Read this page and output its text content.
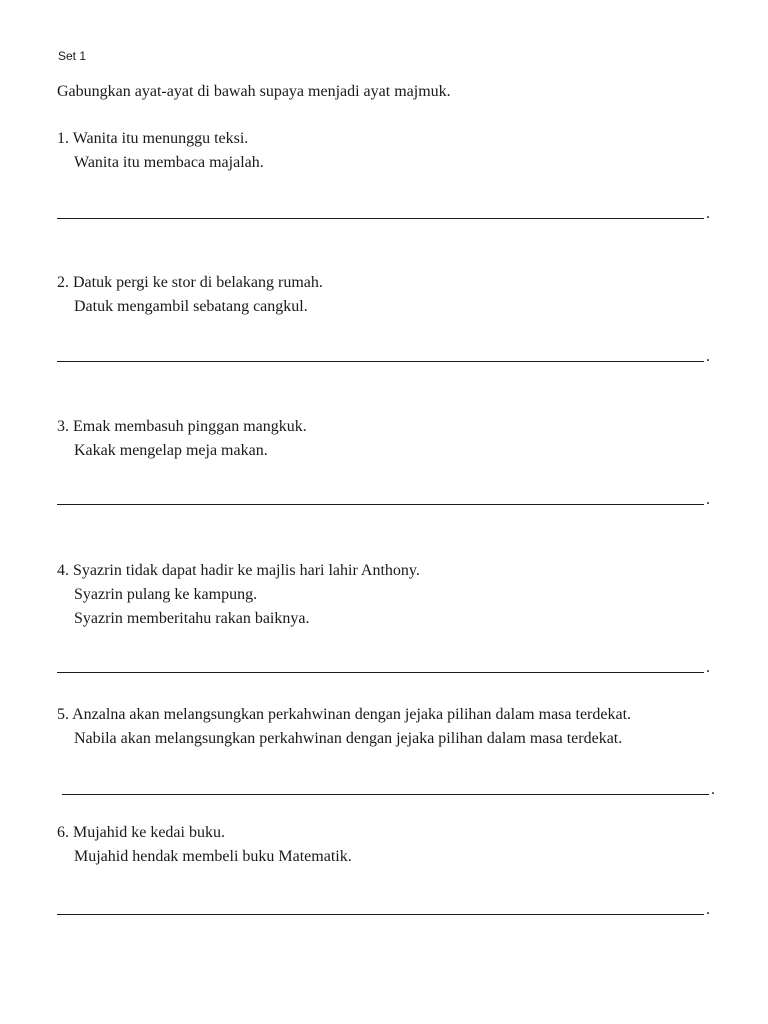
Set 1
Gabungkan ayat-ayat di bawah supaya menjadi ayat majmuk.
1. Wanita itu menunggu teksi.
Wanita itu membaca majalah.
.
2. Datuk pergi ke stor di belakang rumah.
Datuk mengambil sebatang cangkul.
.
3. Emak membasuh pinggan mangkuk.
Kakak mengelap meja makan.
.
4. Syazrin tidak dapat hadir ke majlis hari lahir Anthony.
Syazrin pulang ke kampung.
Syazrin memberitahu rakan baiknya.
.
5. Anzalna akan melangsungkan perkahwinan dengan jejaka pilihan dalam masa terdekat.
Nabila akan melangsungkan perkahwinan dengan jejaka pilihan dalam masa terdekat.
.
6. Mujahid ke kedai buku.
Mujahid hendak membeli buku Matematik.
.
